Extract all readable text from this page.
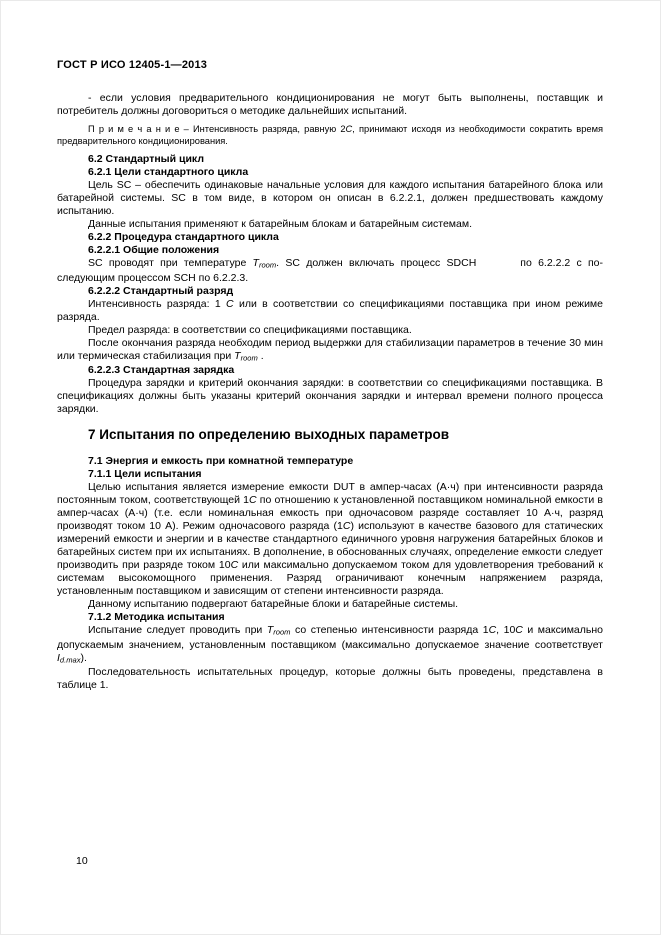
ГОСТ Р ИСО 12405-1—2013

- если условия предварительного кондиционирования не могут быть выполнены, поставщик и потребитель должны договориться о методике дальнейших испытаний.

П р и м е ч а н и е – Интенсивность разряда, равную 2С, принимают исходя из необходимости сократить время предварительного кондиционирования.

6.2 Стандартный цикл

6.2.1 Цели стандартного цикла

Цель SC – обеспечить одинаковые начальные условия для каждого испытания батарейного блока или батарейной системы. SC в том виде, в котором он описан в 6.2.2.1, должен предшествовать каждому испытанию.

Данные испытания применяют к батарейным блокам и батарейным системам.

6.2.2 Процедура стандартного цикла

6.2.2.1 Общие положения

SC проводят при температуре Troom. SC должен включать процесс SDCH	по 6.2.2.2 с последующим процессом SCH по 6.2.2.3.

6.2.2.2 Стандартный разряд

Интенсивность разряда: 1 С или в соответствии со спецификациями поставщика при ином режиме разряда.

Предел разряда: в соответствии со спецификациями поставщика.

После окончания разряда необходим период выдержки для стабилизации параметров в течение 30 мин или термическая стабилизация при Troom .

6.2.2.3 Стандартная зарядка

Процедура зарядки и критерий окончания зарядки: в соответствии со спецификациями поставщика. В спецификациях должны быть указаны критерий окончания зарядки и интервал времени полного процесса зарядки.

7 Испытания по определению выходных параметров

7.1 Энергия и емкость при комнатной температуре

7.1.1 Цели испытания

Целью испытания является измерение емкости DUT в ампер-часах (А·ч) при интенсивности разряда постоянным током, соответствующей 1С по отношению к установленной поставщиком номинальной емкости в ампер-часах (А·ч) (т.е. если номинальная емкость при одночасовом разряде составляет 10 А·ч, разряд производят током 10 А). Режим одночасового разряда (1С) используют в качестве базового для статических измерений емкости и энергии и в качестве стандартного единичного уровня нагружения батарейных блоков и батарейных систем при их испытаниях. В дополнение, в обоснованных случаях, определение емкости следует производить при разряде током 10С или максимально допускаемом током для удовлетворения требований к системам высокомощного применения. Разряд ограничивают конечным напряжением разряда, установленным поставщиком и зависящим от степени интенсивности разряда.

Данному испытанию подвергают батарейные блоки и батарейные системы.

7.1.2 Методика испытания

Испытание следует проводить при Troom со степенью интенсивности разряда 1С, 10С и максимально допускаемым значением, установленным поставщиком (максимально допускаемое значение соответствует Id.max).

Последовательность испытательных процедур, которые должны быть проведены, представлена в таблице 1.

10
